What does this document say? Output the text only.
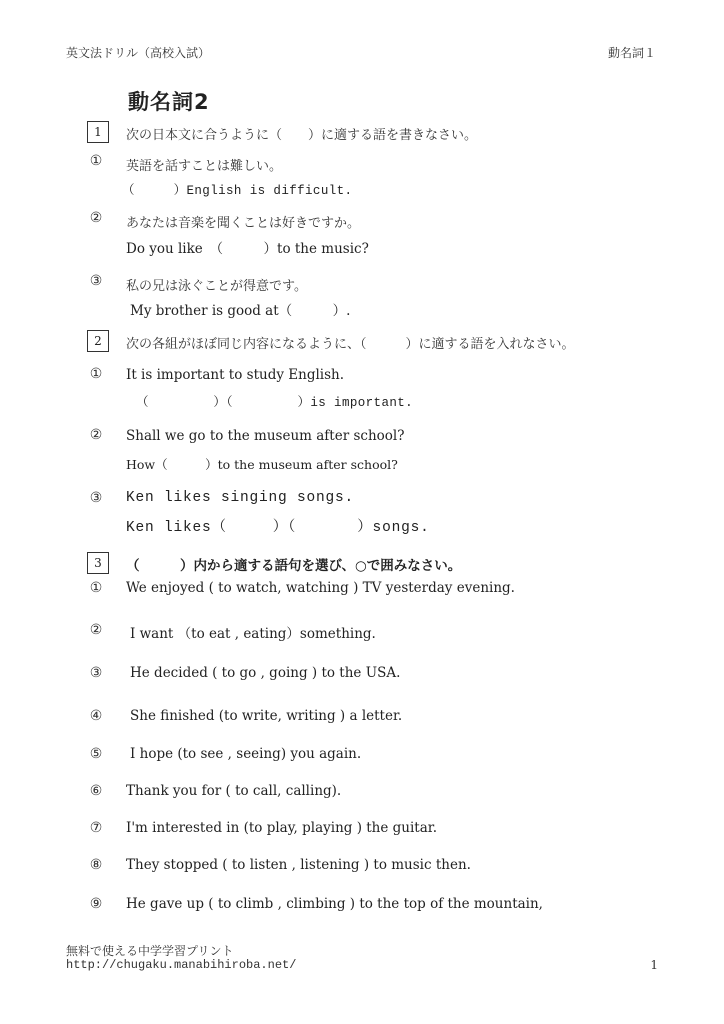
英文法ドリル（高校入試）	動名詞１
動名詞2
1	次の日本文に合うように（　　）に適する語を書きなさい。
① 英語を話すことは難しい。
（　　　）English is difficult.
② あなたは音楽を聞くことは好きですか。
Do you like　（　　　）to the music?
③ 私の兄は泳ぐことが得意です。
My brother is good at（　　　）.
2	次の各組がほぼ同じ内容になるように、（　　　）に適する語を入れなさい。
① It is important to study English.
（　　　　　）（　　　　　）is important.
② Shall we go to the museum after school?
How（　　　）to the museum after school?
③ Ken likes singing songs.
Ken likes（　　　）（　　　　）songs.
3	（　　　）内から適する語句を選び、○で囲みなさい。
① We enjoyed ( to watch, watching ) TV yesterday evening.
② I want （to eat , eating）something.
③ He decided ( to go , going ) to the USA.
④ She finished (to write, writing ) a letter.
⑤ I hope (to see , seeing) you again.
⑥ Thank you for ( to call, calling).
⑦ I'm interested in (to play, playing ) the guitar.
⑧ They stopped ( to listen , listening ) to music then.
⑨ He gave up ( to climb , climbing ) to the top of the mountain,
無料で使える中学学習プリント
http://chugaku.manabihiroba.net/	1
